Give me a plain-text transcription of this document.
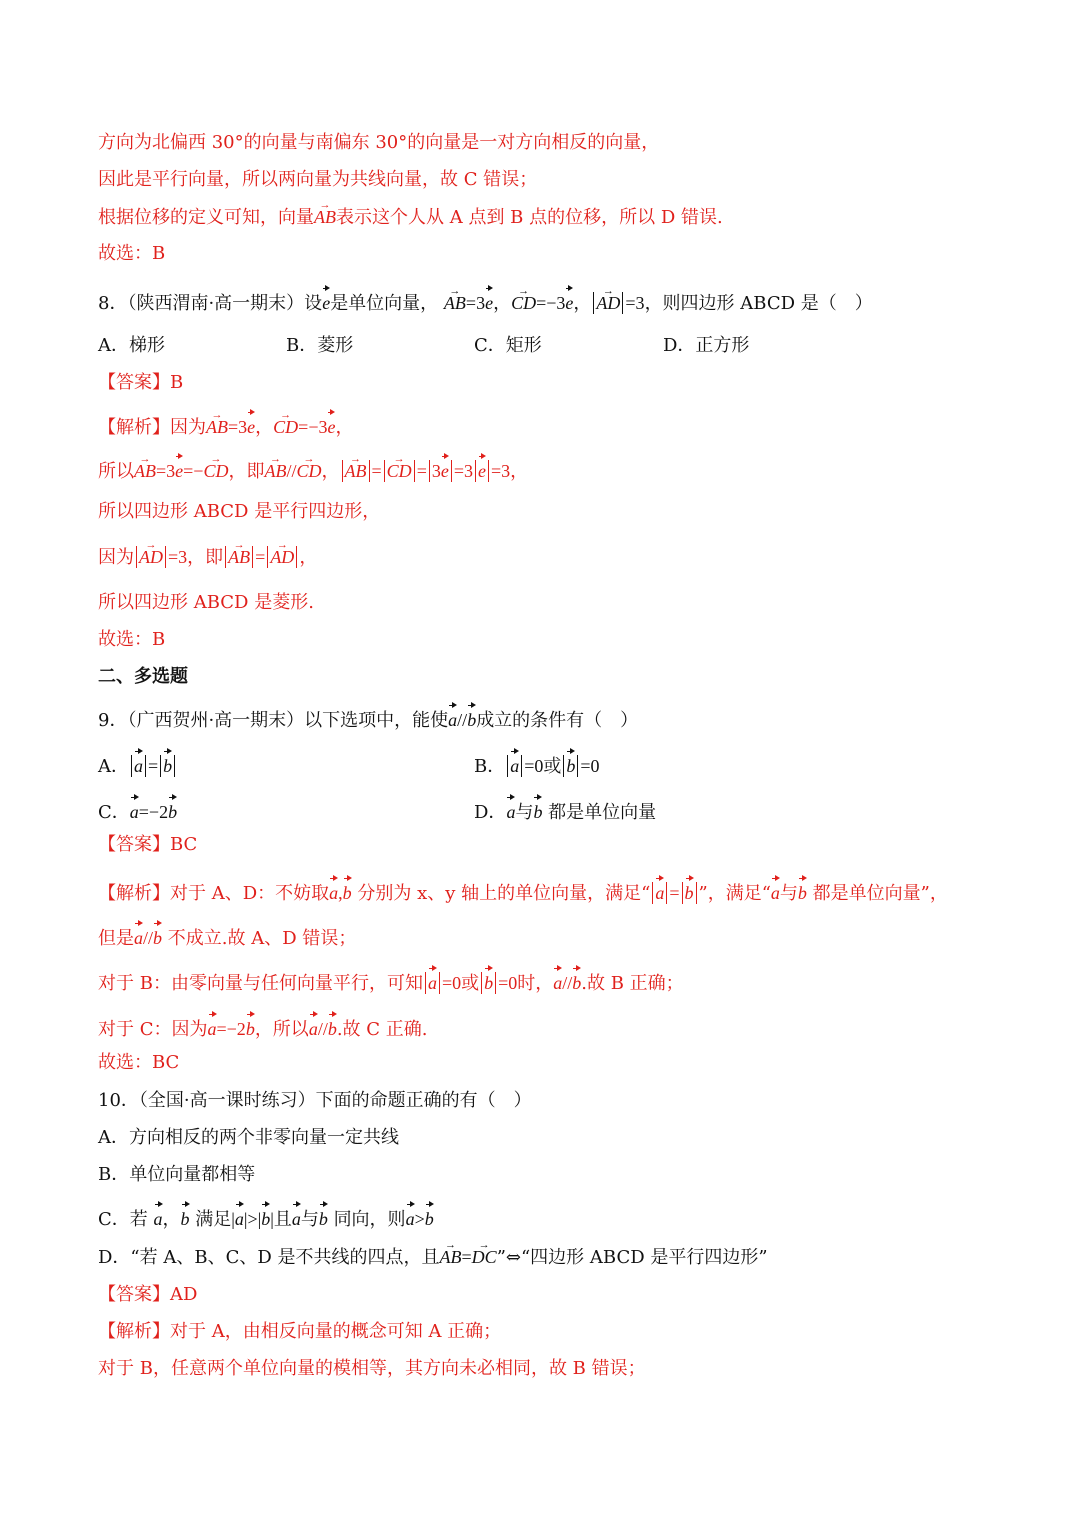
方向为北偏西 30°的向量与南偏东 30°的向量是一对方向相反的向量，
因此是平行向量，所以两向量为共线向量，故 C 错误；
根据位移的定义可知，向量→ AB表示这个人从 A 点到 B 点的位移，所以 D 错误.
故选：B
8．（陕西渭南·高一期末）设e是单位向量， → AB=3e，→ CD=−3e， → AD =3，则四边形 ABCD 是（　）
A．梯形	B．菱形	C．矩形	D．正方形
【答案】B
【解析】因为→ AB=3e，→ CD=−3e，
所以→ AB=3e=−→ CD，即→ AB//→ CD， → AB = → CD = 3e =3 e =3，
所以四边形 ABCD 是平行四边形，
因为 → AD =3，即 → AB = → AD ，
所以四边形 ABCD 是菱形.
故选：B
二、多选题
9．（广西贺州·高一期末）以下选项中，能使a//b成立的条件有（　）
A． a = b	B． a =0或 b =0
C．a=−2b	D．a与b 都是单位向量
【答案】BC
【解析】对于 A、D：不妨取a,b 分别为 x、y 轴上的单位向量，满足“ a = b ”，满足“a与b 都是单位向量”，
但是a//b 不成立.故 A、D 错误；
对于 B：由零向量与任何向量平行，可知 a =0或 b =0时，a//b.故 B 正确；
对于 C：因为a=−2b，所以a//b.故 C 正确.
故选：BC
10．（全国·高一课时练习）下面的命题正确的有（　）
A．方向相反的两个非零向量一定共线
B．单位向量都相等
C．若 a，b 满足|a|>|b|且a与b 同向，则a>b
D．“若 A、B、C、D 是不共线的四点，且→ AB=→ DC”⇔“四边形 ABCD 是平行四边形”
【答案】AD
【解析】对于 A，由相反向量的概念可知 A 正确；
对于 B，任意两个单位向量的模相等，其方向未必相同，故 B 错误；
